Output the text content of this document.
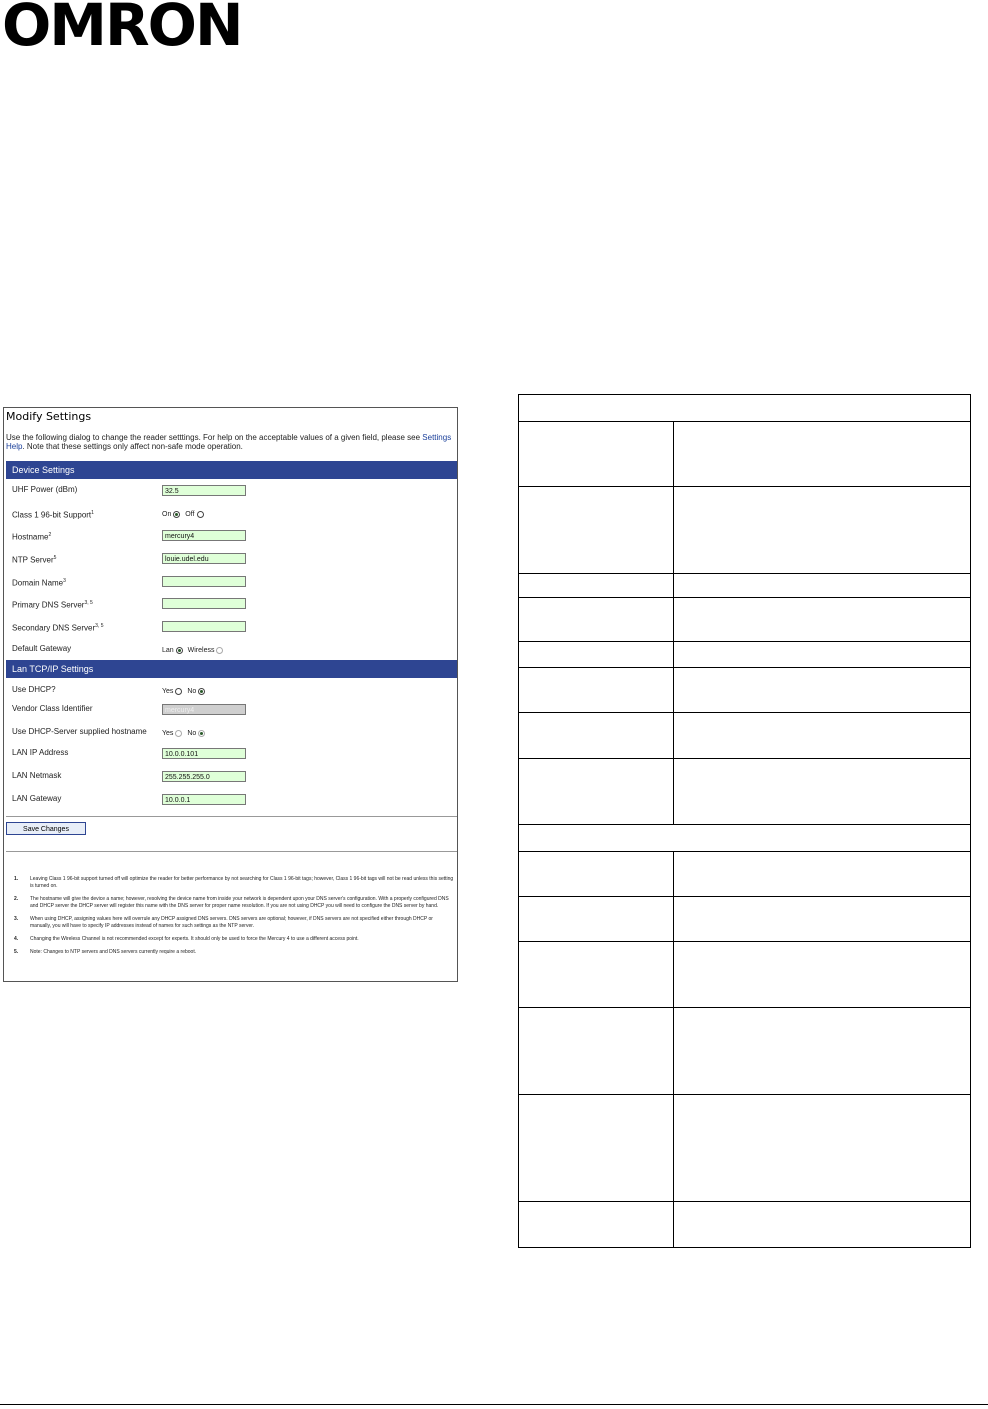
OMRON
Modify Settings
Use the following dialog to change the reader setttings. For help on the acceptable values of a given field, please see Settings Help. Note that these settings only affect non-safe mode operation.
Device Settings
UHF Power (dBm)	32.5
Class 1 96-bit Support$^1$	On Off
Hostname$^2$	mercury4
NTP Server$^5$	louie.udel.edu
Domain Name$^3$
Primary DNS Server$^{3, 5}$
Secondary DNS Server$^{3, 5}$
Default Gateway	Lan Wireless
Lan TCP/IP Settings
Use DHCP?	Yes No
Vendor Class Identifier	mercury4
Use DHCP-Server supplied hostname Yes No
LAN IP Address	10.0.0.101
LAN Netmask	255.255.255.0
LAN Gateway	10.0.0.1
Save Changes
1. Leaving Class 1 96-bit support turned off will optimize the reader for better performance by not searching for Class 1 96-bit tags; however, Class 1 96-bit tags will not be read unless this setting is turned on.
2. The hostname will give the device a name; however, resolving the device name from inside your network is dependent upon your DNS server's configuration. With a properly configured DNS and DHCP server the DHCP server will register this name with the DNS server for proper name resolution. If you are not using DHCP you will need to configure the DNS server by hand.
3. When using DHCP, assigning values here will overrule any DHCP assigned DNS servers. DNS servers are optional; however, if DNS servers are not specified either through DHCP or manually, you will have to specify IP addresses instead of names for such settings as the NTP server.
4. Changing the Wireless Channel is not recommended except for experts. It should only be used to force the Mercury 4 to use a different access point.
5. Note: Changes to NTP servers and DNS servers currently require a reboot.
